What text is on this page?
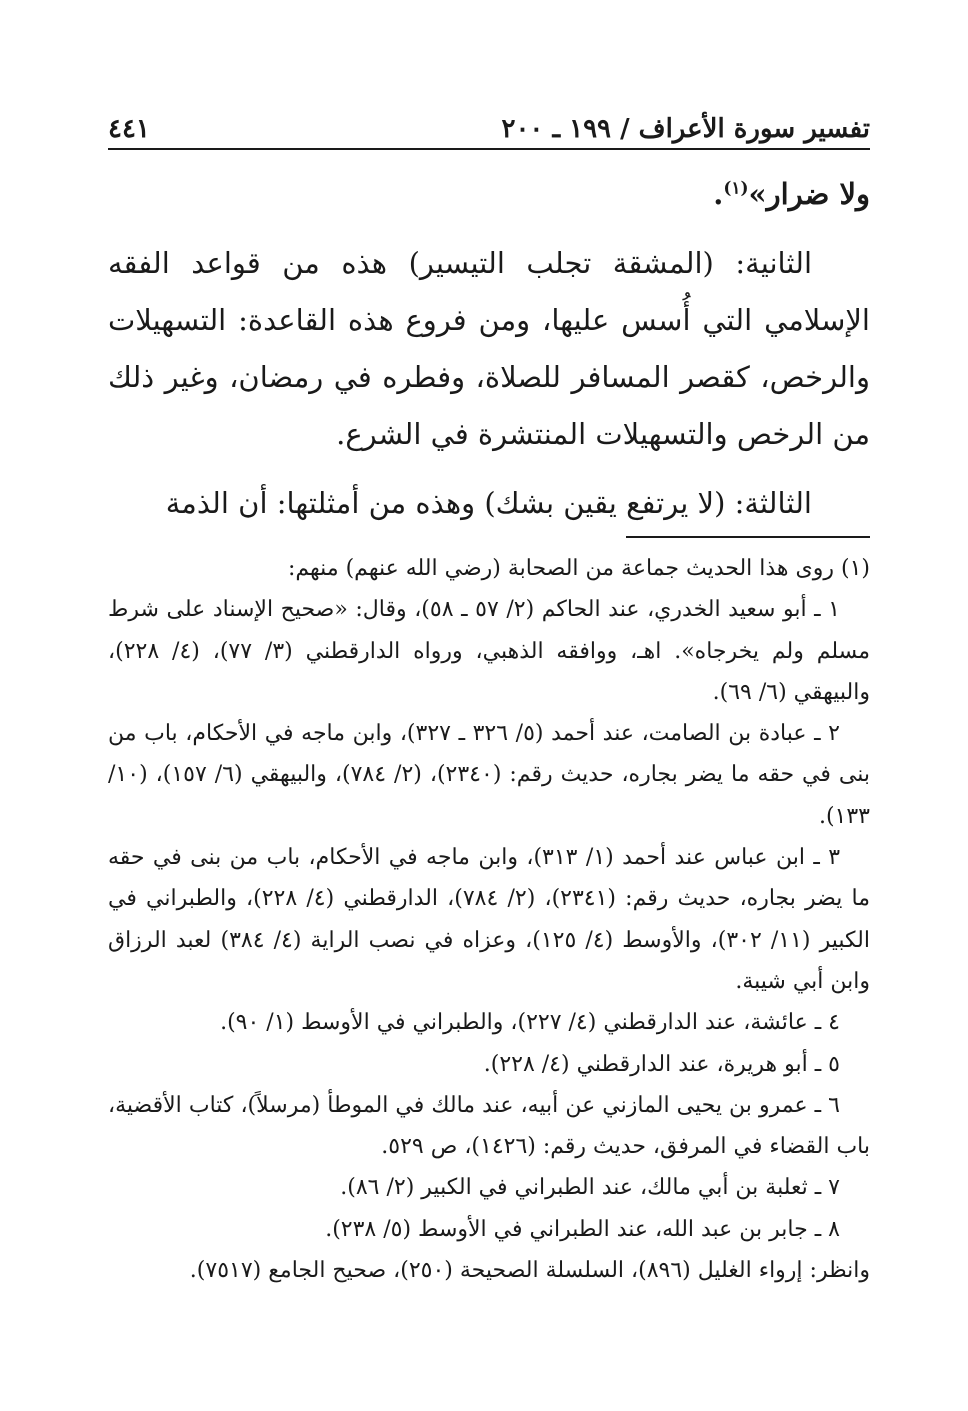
تفسير سورة الأعراف / ١٩٩ ـ ٢٠٠
٤٤١

ولا ضرار»$^{(١)}$.

الثانية: (المشقة تجلب التيسير) هذه من قواعد الفقه الإسلامي التي أُسس عليها، ومن فروع هذه القاعدة: التسهيلات والرخص، كقصر المسافر للصلاة، وفطره في رمضان، وغير ذلك من الرخص والتسهيلات المنتشرة في الشرع.

الثالثة: (لا يرتفع يقين بشك) وهذه من أمثلتها: أن الذمة

(١) روى هذا الحديث جماعة من الصحابة (رضي الله عنهم) منهم:

١ ـ أبو سعيد الخدري، عند الحاكم (٢/ ٥٧ ـ ٥٨)، وقال: «صحيح الإسناد على شرط مسلم ولم يخرجاه». اهـ، ووافقه الذهبي، ورواه الدارقطني (٣/ ٧٧)، (٤/ ٢٢٨)، والبيهقي (٦/ ٦٩).

٢ ـ عبادة بن الصامت، عند أحمد (٥/ ٣٢٦ ـ ٣٢٧)، وابن ماجه في الأحكام، باب من بنى في حقه ما يضر بجاره، حديث رقم: (٢٣٤٠)، (٢/ ٧٨٤)، والبيهقي (٦/ ١٥٧)، (١٠/ ١٣٣).

٣ ـ ابن عباس عند أحمد (١/ ٣١٣)، وابن ماجه في الأحكام، باب من بنى في حقه ما يضر بجاره، حديث رقم: (٢٣٤١)، (٢/ ٧٨٤)، الدارقطني (٤/ ٢٢٨)، والطبراني في الكبير (١١/ ٣٠٢)، والأوسط (٤/ ١٢٥)، وعزاه في نصب الراية (٤/ ٣٨٤) لعبد الرزاق وابن أبي شيبة.

٤ ـ عائشة، عند الدارقطني (٤/ ٢٢٧)، والطبراني في الأوسط (١/ ٩٠).

٥ ـ أبو هريرة، عند الدارقطني (٤/ ٢٢٨).

٦ ـ عمرو بن يحيى المازني عن أبيه، عند مالك في الموطأ (مرسلاً)، كتاب الأقضية، باب القضاء في المرفق، حديث رقم: (١٤٢٦)، ص ٥٢٩.

٧ ـ ثعلبة بن أبي مالك، عند الطبراني في الكبير (٢/ ٨٦).

٨ ـ جابر بن عبد الله، عند الطبراني في الأوسط (٥/ ٢٣٨).

وانظر: إرواء الغليل (٨٩٦)، السلسلة الصحيحة (٢٥٠)، صحيح الجامع (٧٥١٧).
